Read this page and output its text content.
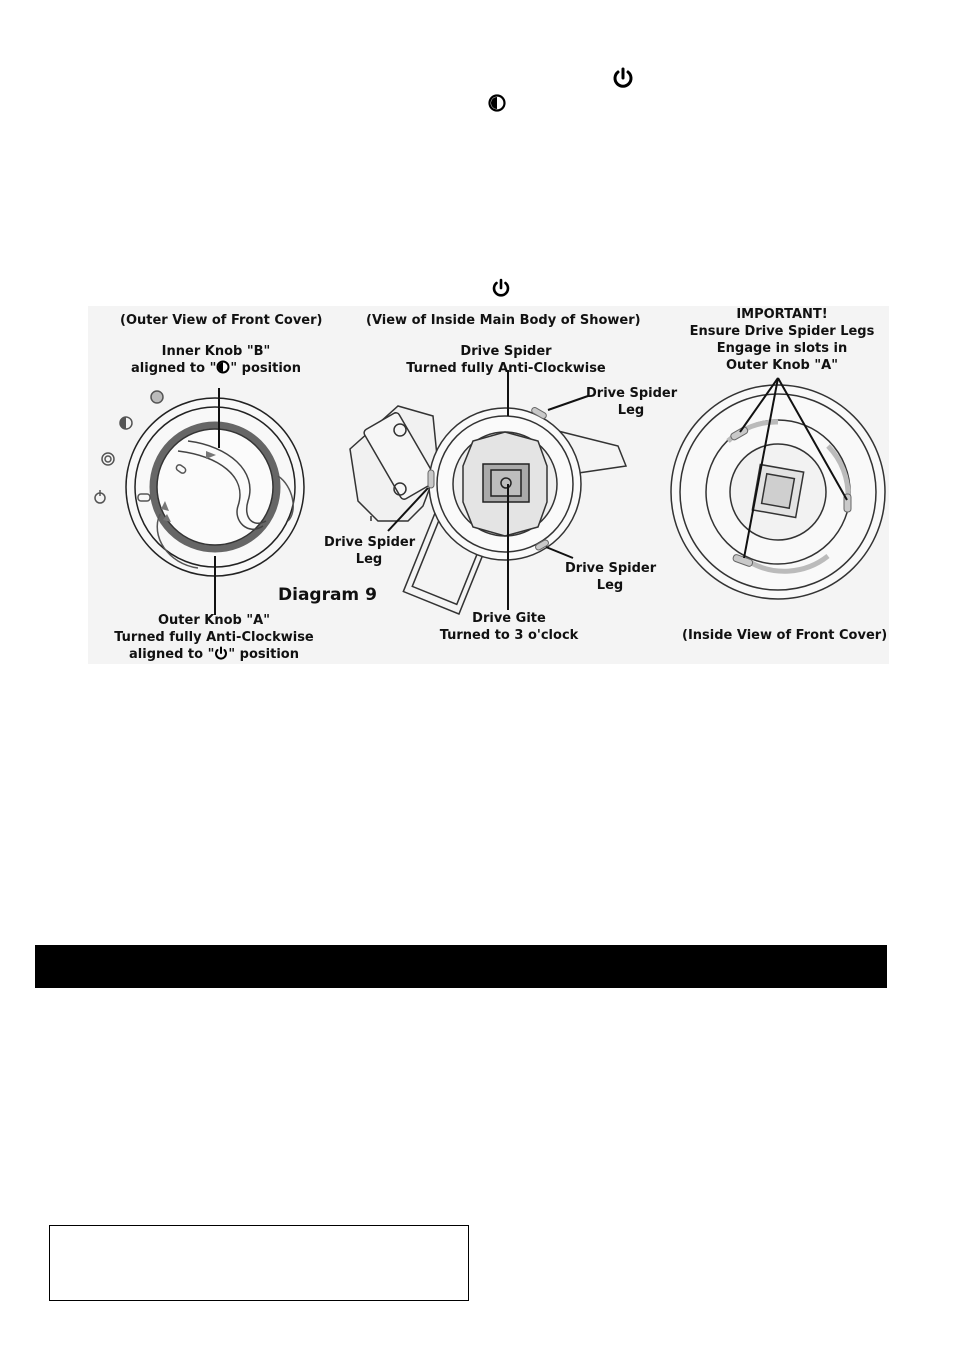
(Outer View of Front Cover)	(View of Inside Main Body of Shower)	IMPORTANT!
Ensure Drive Spider Legs
Engage in slots in
Outer Knob "A"
Inner Knob "B"
aligned to " " position
Drive Spider
Turned fully Anti-Clockwise
Drive Spider
Leg
Drive Spider
Leg
Drive Spider
Leg
Diagram 9
Outer Knob "A"
Turned fully Anti-Clockwise
aligned to " " position
Drive Gite
Turned to 3 o'clock	(Inside View of Front Cover)
